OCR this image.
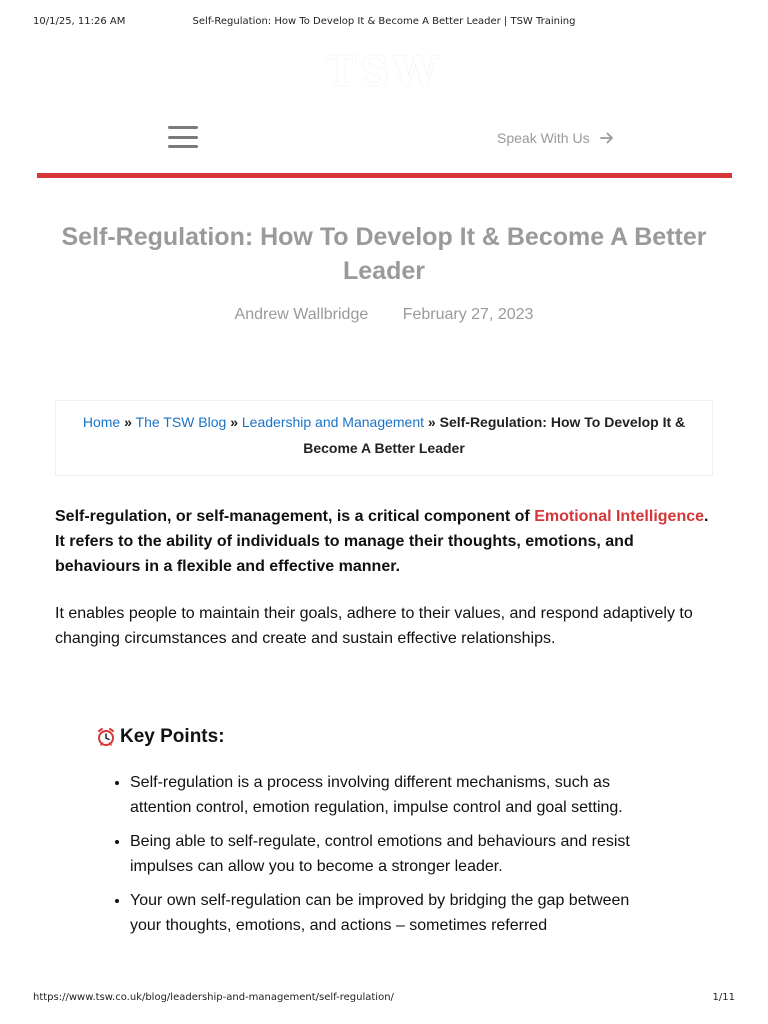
10/1/25, 11:26 AM	Self-Regulation: How To Develop It & Become A Better Leader | TSW Training
TSW
Speak With Us
Self-Regulation: How To Develop It & Become A Better Leader
Andrew Wallbridge February 27, 2023
Home » The TSW Blog » Leadership and Management » Self-Regulation: How To Develop It & Become A Better Leader

Self-regulation, or self-management, is a critical component of Emotional Intelligence. It refers to the ability of individuals to manage their thoughts, emotions, and behaviours in a flexible and effective manner.

It enables people to maintain their goals, adhere to their values, and respond adaptively to changing circumstances and create and sustain effective relationships.

Key Points:
• Self-regulation is a process involving different mechanisms, such as attention control, emotion regulation, impulse control and goal setting.
• Being able to self-regulate, control emotions and behaviours and resist impulses can allow you to become a stronger leader.
• Your own self-regulation can be improved by bridging the gap between your thoughts, emotions, and actions – sometimes referred
https://www.tsw.co.uk/blog/leadership-and-management/self-regulation/	1/11
